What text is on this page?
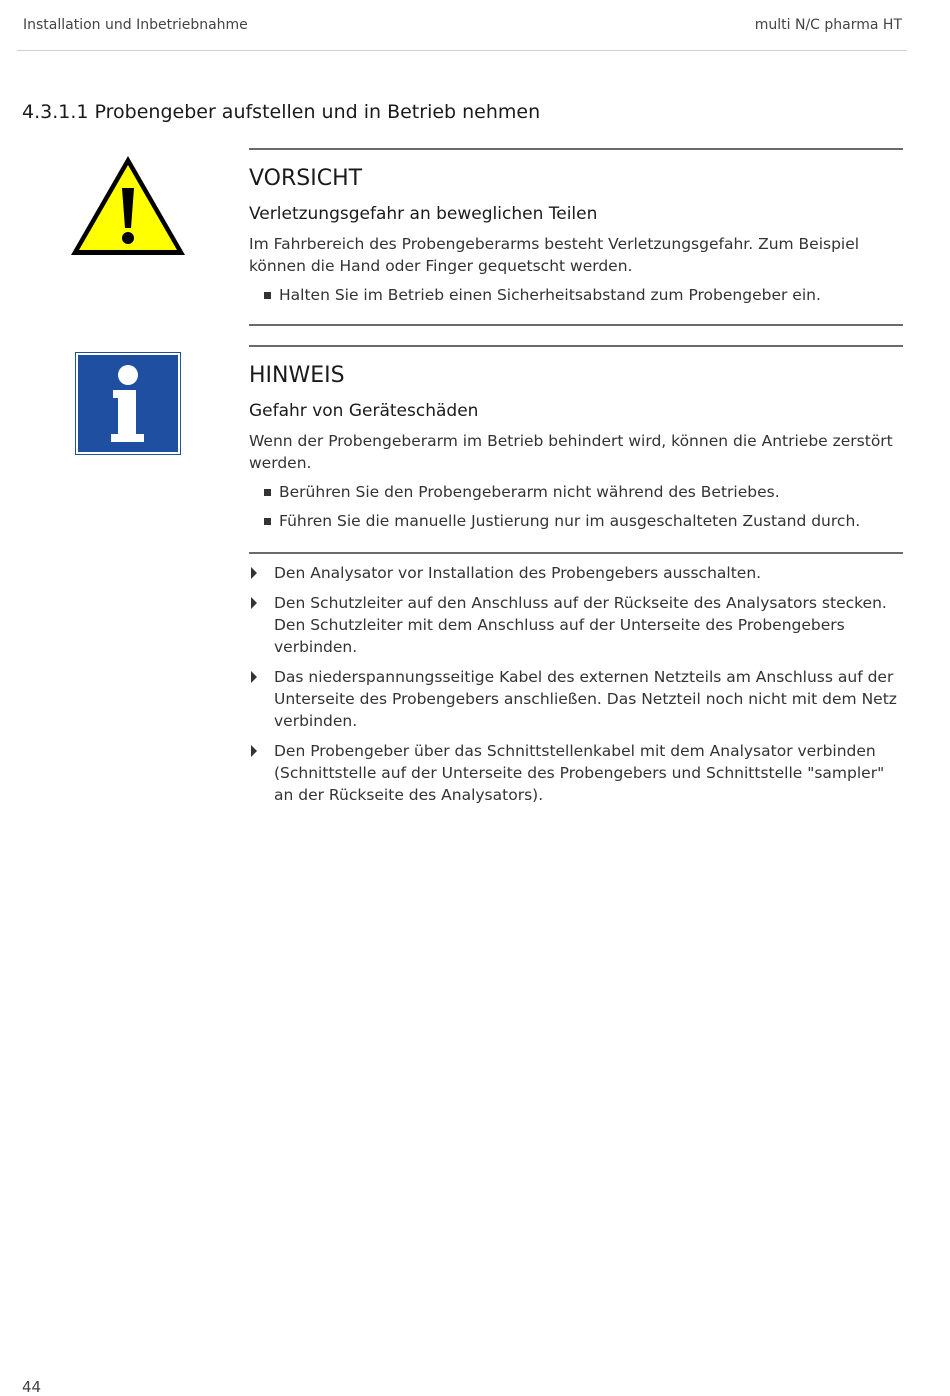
Installation und Inbetriebnahme	multi N/C pharma HT
4.3.1.1 Probengeber aufstellen und in Betrieb nehmen
VORSICHT
Verletzungsgefahr an beweglichen Teilen
Im Fahrbereich des Probengeberarms besteht Verletzungsgefahr. Zum Beispiel können die Hand oder Finger gequetscht werden.
Halten Sie im Betrieb einen Sicherheitsabstand zum Probengeber ein.
HINWEIS
Gefahr von Geräteschäden
Wenn der Probengeberarm im Betrieb behindert wird, können die Antriebe zerstört werden.
Berühren Sie den Probengeberarm nicht während des Betriebes.
Führen Sie die manuelle Justierung nur im ausgeschalteten Zustand durch.
Den Analysator vor Installation des Probengebers ausschalten.
Den Schutzleiter auf den Anschluss auf der Rückseite des Analysators stecken. Den Schutzleiter mit dem Anschluss auf der Unterseite des Probengebers verbinden.
Das niederspannungsseitige Kabel des externen Netzteils am Anschluss auf der Unterseite des Probengebers anschließen. Das Netzteil noch nicht mit dem Netz verbinden.
Den Probengeber über das Schnittstellenkabel mit dem Analysator verbinden (Schnittstelle auf der Unterseite des Probengebers und Schnittstelle "sampler" an der Rückseite des Analysators).
44
